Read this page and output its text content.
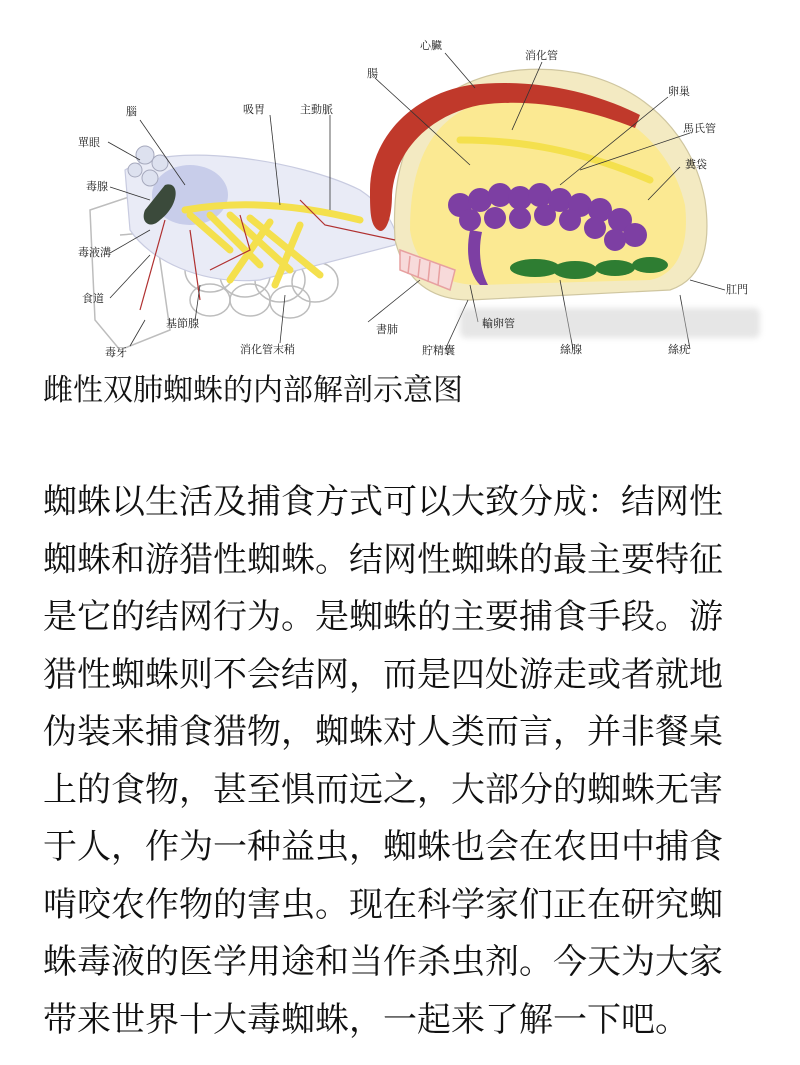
腦
心臟
消化管
腸
吸胃	主動脈
卵巢
馬氏管
單眼
糞袋
毒腺
毒液溝
食道
肛門
基節腺	書肺	輸卵管
毒牙	消化管末稍	貯精囊	絲腺	絲疣
雌性双肺蜘蛛的内部解剖示意图
蜘蛛以生活及捕食方式可以大致分成：结网性
蜘蛛和游猎性蜘蛛。结网性蜘蛛的最主要特征
是它的结网行为。是蜘蛛的主要捕食手段。游
猎性蜘蛛则不会结网，而是四处游走或者就地
伪装来捕食猎物，蜘蛛对人类而言，并非餐桌
上的食物，甚至惧而远之，大部分的蜘蛛无害
于人，作为一种益虫，蜘蛛也会在农田中捕食
啃咬农作物的害虫。现在科学家们正在研究蜘
蛛毒液的医学用途和当作杀虫剂。今天为大家
带来世界十大毒蜘蛛，一起来了解一下吧。
